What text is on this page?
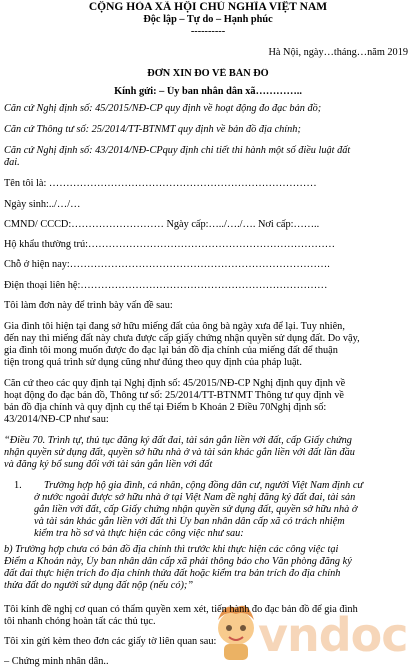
CỘNG HÒA XÃ HỘI CHỦ NGHĨA VIỆT NAM
Độc lập – Tự do – Hạnh phúc
----------
Hà Nội, ngày…tháng…năm 2019
ĐƠN XIN ĐO VẼ BẢN ĐỒ
Kính gửi: – Ủy ban nhân dân xã…………..
Căn cứ Nghị định số: 45/2015/NĐ-CP quy định về hoạt động đo đạc bản đồ;
Căn cứ Thông tư số: 25/2014/TT-BTNMT quy định về bản đồ địa chính;
Căn cứ Nghị định số: 43/2014/NĐ-CPquy định chi tiết thi hành một số điều luật đất
đai.
Tên tôi là: ……………………………………………………………………
Ngày sinh:../…/…
CMND/ CCCD:……………………… Ngày cấp:…../…./…. Nơi cấp:……..
Hộ khẩu thường trú:………………………………………………………………
Chỗ ở hiện nay:………………………………………………………………….
Điện thoại liên hệ:………………………………………………………………
Tôi làm đơn này để trình bày vấn đề sau:
Gia đình tôi hiện tại đang sở hữu miếng đất của ông bà ngày xưa để lại. Tuy nhiên,
đến nay thì miếng đất này chưa được cấp giấy chứng nhận quyền sử dụng đất. Do vậy,
gia đình tôi mong muốn được đo đạc lại bản đồ địa chính của miếng đất để thuận
tiện trong quá trình sử dụng cũng như đúng theo quy định của pháp luật.
Căn cứ theo các quy định tại Nghị định số: 45/2015/NĐ-CP Nghị định quy định về
hoạt động đo đạc bản đồ, Thông tư số: 25/2014/TT-BTNMT Thông tư quy định về
bản đồ địa chính và quy định cụ thể tại Điểm b Khoản 2 Điều 70Nghị định số:
43/2014/NĐ-CP như sau:
“Điều 70. Trình tự, thủ tục đăng ký đất đai, tài sản gắn liền với đất, cấp Giấy chứng
nhận quyền sử dụng đất, quyền sở hữu nhà ở và tài sản khác gắn liền với đất lần đầu
và đăng ký bổ sung đối với tài sản gắn liền với đất
1. Trường hợp hộ gia đình, cá nhân, cộng đồng dân cư, người Việt Nam định cư
ở nước ngoài được sở hữu nhà ở tại Việt Nam đề nghị đăng ký đất đai, tài sản
gắn liền với đất, cấp Giấy chứng nhận quyền sử dụng đất, quyền sở hữu nhà ở
và tài sản khác gắn liền với đất thì Ủy ban nhân dân cấp xã có trách nhiệm
kiểm tra hồ sơ và thực hiện các công việc như sau:
b) Trường hợp chưa có bản đồ địa chính thì trước khi thực hiện các công việc tại
Điểm a Khoản này, Ủy ban nhân dân cấp xã phải thông báo cho Văn phòng đăng ký
đất đai thực hiện trích đo địa chính thửa đất hoặc kiểm tra bản trích đo địa chính
thửa đất do người sử dụng đất nộp (nếu có);”
vndoc
Tôi kính đề nghị cơ quan có thẩm quyền xem xét, tiến hành đo đạc bản đồ để gia đình
tôi nhanh chóng hoàn tất các thủ tục.
Tôi xin gửi kèm theo đơn các giấy tờ liên quan sau:
– Chứng minh nhân dân..
